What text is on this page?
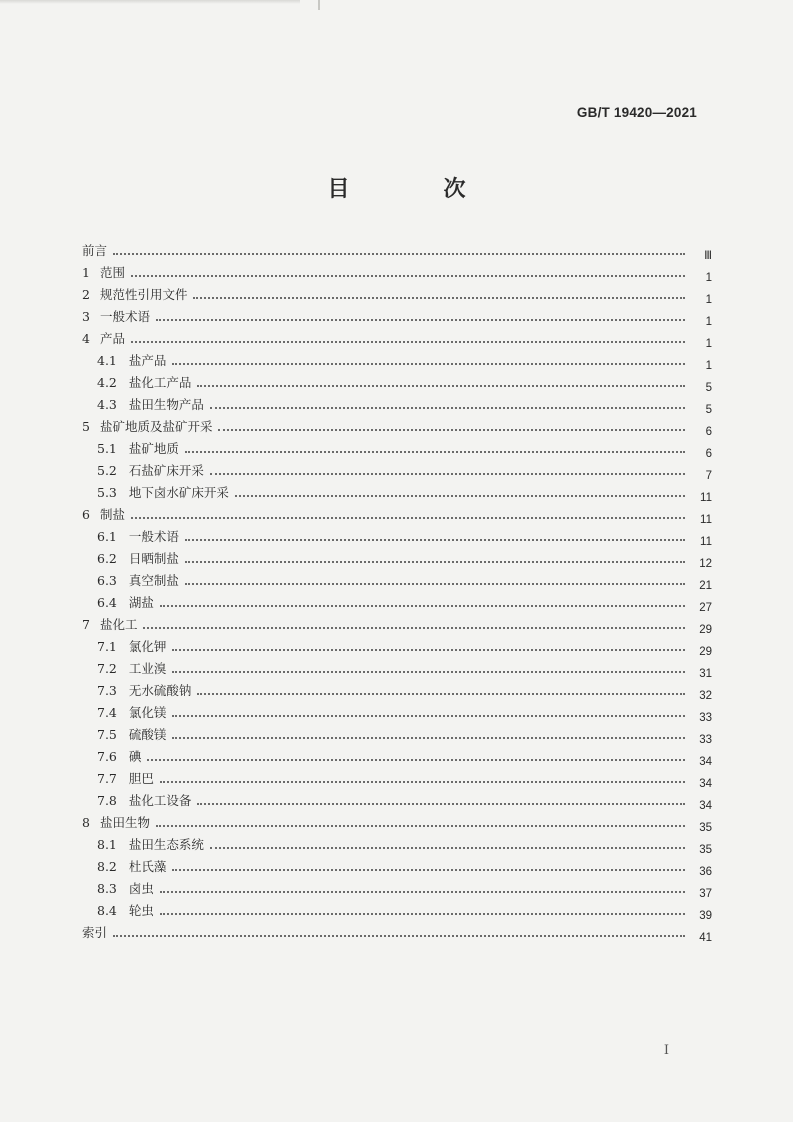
GB/T 19420—2021
目　次
前言	Ⅲ
1 范围	1
2 规范性引用文件	1
3 一般术语	1
4 产品	1
4.1 盐产品	1
4.2 盐化工产品	5
4.3 盐田生物产品	5
5 盐矿地质及盐矿开采	6
5.1 盐矿地质	6
5.2 石盐矿床开采	7
5.3 地下卤水矿床开采	11
6 制盐	11
6.1 一般术语	11
6.2 日晒制盐	12
6.3 真空制盐	21
6.4 湖盐	27
7 盐化工	29
7.1 氯化钾	29
7.2 工业溴	31
7.3 无水硫酸钠	32
7.4 氯化镁	33
7.5 硫酸镁	33
7.6 碘	34
7.7 胆巴	34
7.8 盐化工设备	34
8 盐田生物	35
8.1 盐田生态系统	35
8.2 杜氏藻	36
8.3 卤虫	37
8.4 轮虫	39
索引	41
Ⅰ
